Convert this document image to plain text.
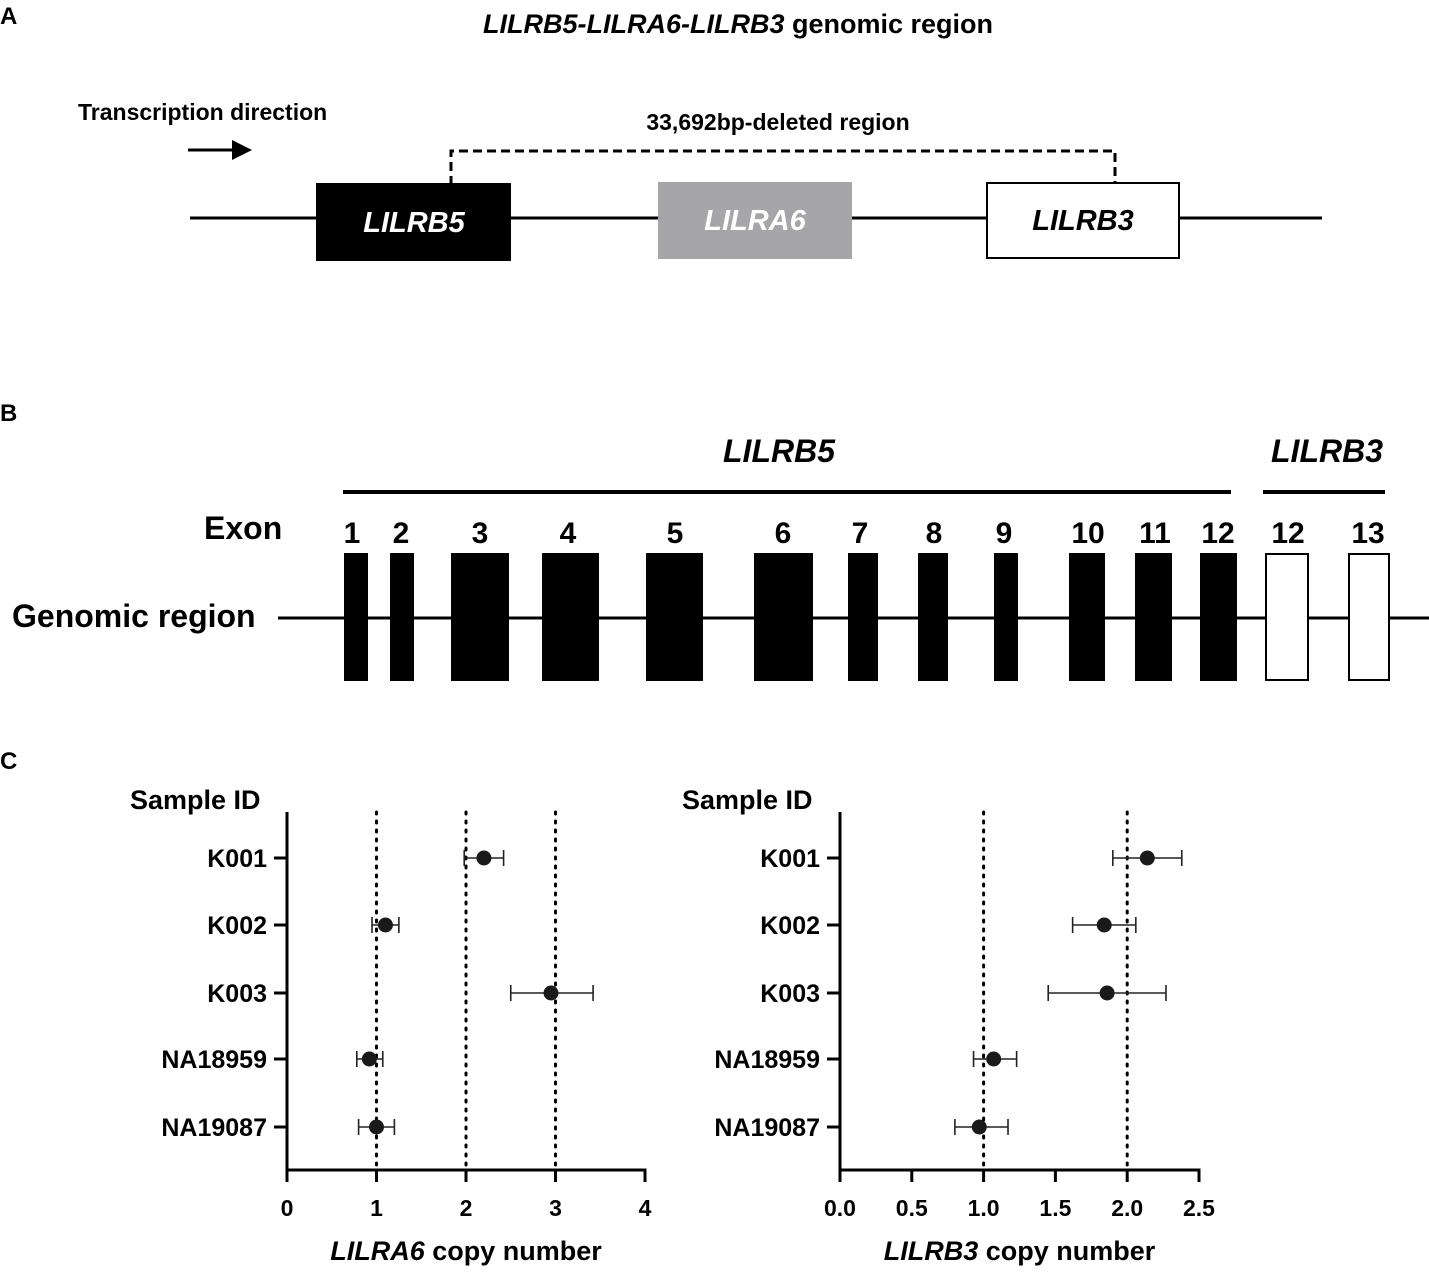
A	LILRB5-LILRA6-LILRB3 genomic region
Transcription direction	33,692bp-deleted region
LILRB5	LILRA6	LILRB3
B
LILRB5	LILRB3
Exon
Genomic region
1 2 3 4	5	6 7 8 9 10 11 12 12 13
C
Sample ID
0	1	2	3	4
LILRA6 copy number
K001
K002
K003
NA18959
NA19087
Sample ID
0.0 0.5 1.0 1.5 2.0 2.5
LILRB3 copy number
K001
K002
K003
NA18959
NA19087
